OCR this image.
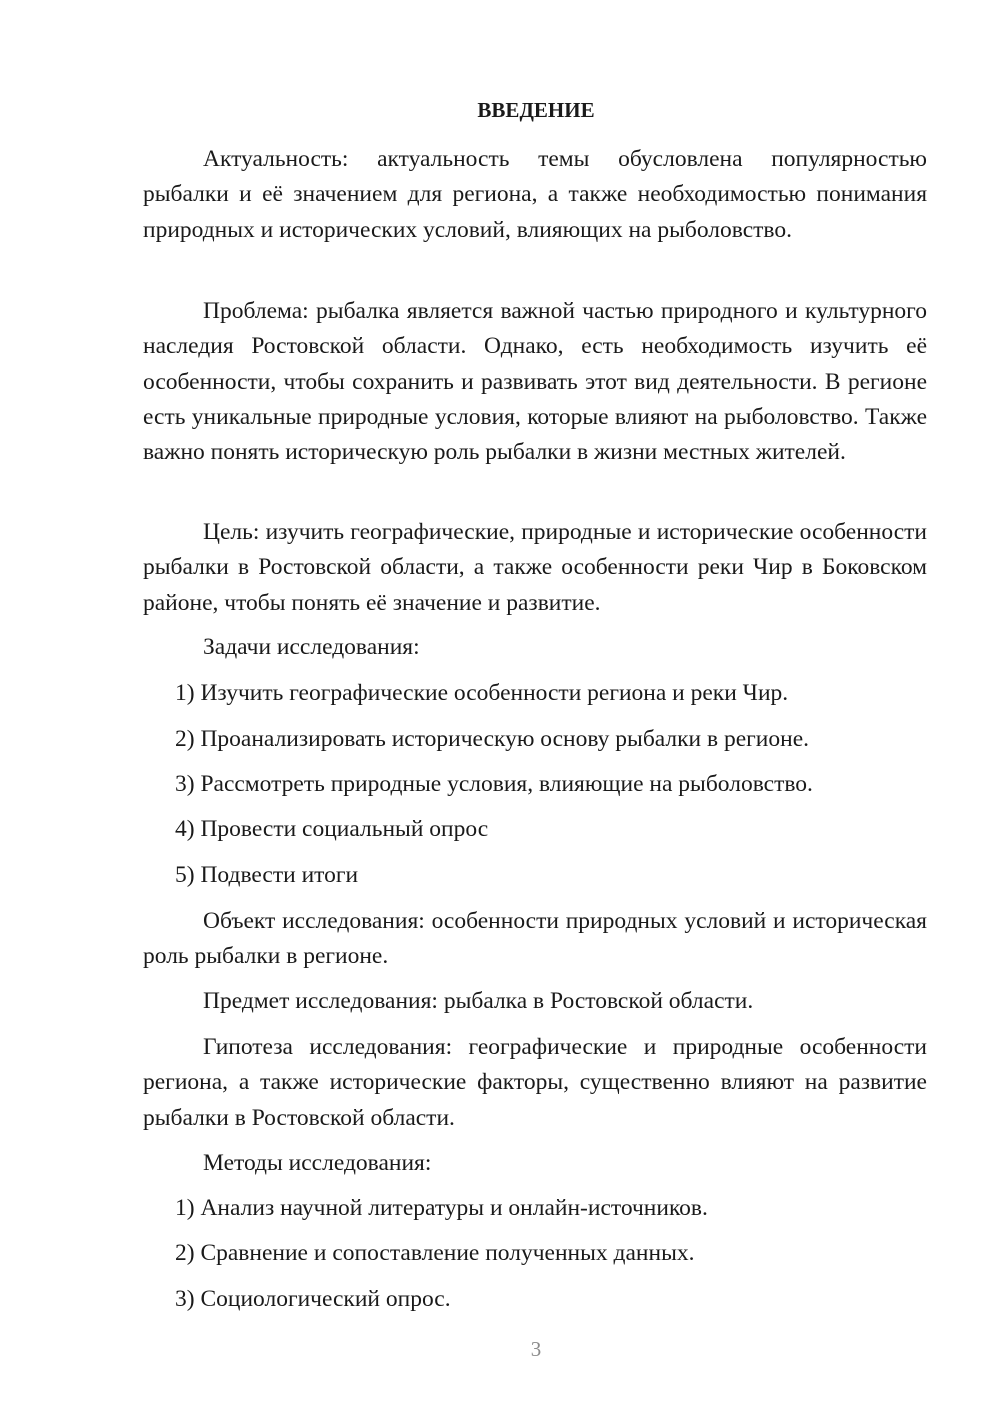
ВВЕДЕНИЕ

Актуальность: актуальность темы обусловлена популярностью рыбалки и её значением для региона, а также необходимостью понимания природных и исторических условий, влияющих на рыболовство.

Проблема: рыбалка является важной частью природного и культурного наследия Ростовской области. Однако, есть необходимость изучить её особенности, чтобы сохранить и развивать этот вид деятельности. В регионе есть уникальные природные условия, которые влияют на рыболовство. Также важно понять историческую роль рыбалки в жизни местных жителей.

Цель: изучить географические, природные и исторические особенности рыбалки в Ростовской области, а также особенности реки Чир в Боковском районе, чтобы понять её значение и развитие.

Задачи исследования:

1) Изучить географические особенности региона и реки Чир.

2) Проанализировать историческую основу рыбалки в регионе.

3) Рассмотреть природные условия, влияющие на рыболовство.

4) Провести социальный опрос

5) Подвести итоги

Объект исследования: особенности природных условий и историческая роль рыбалки в регионе.

Предмет исследования: рыбалка в Ростовской области.

Гипотеза исследования: географические и природные особенности региона, а также исторические факторы, существенно влияют на развитие рыбалки в Ростовской области.

Методы исследования:

1) Анализ научной литературы и онлайн-источников.

2) Сравнение и сопоставление полученных данных.

3) Социологический опрос.

3
